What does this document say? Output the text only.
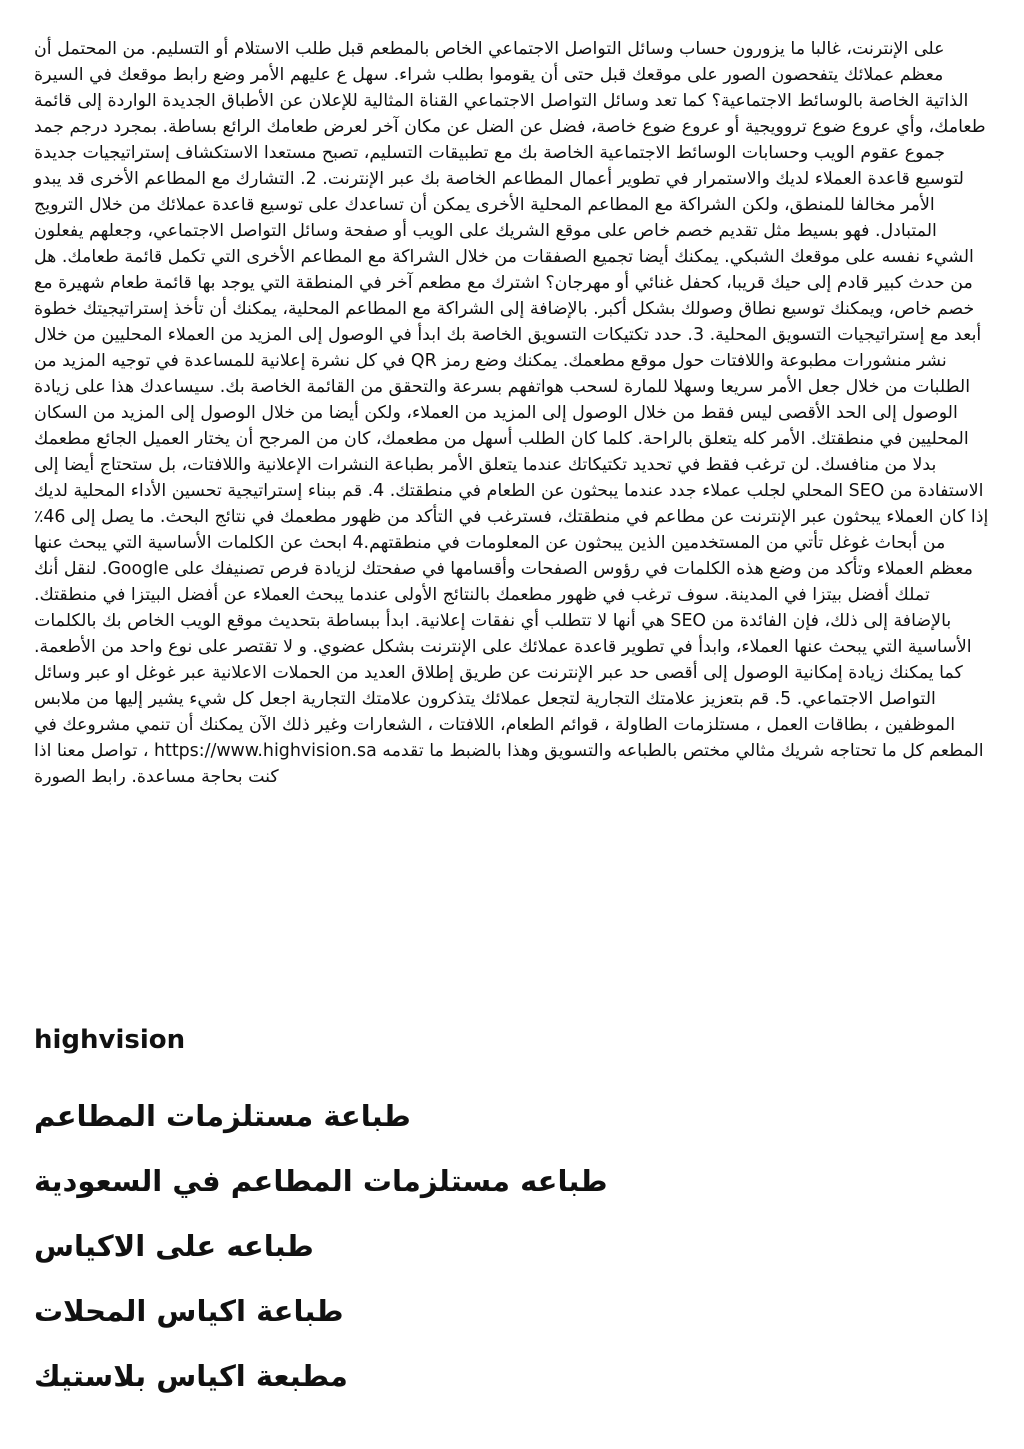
على الإنترنت، غالبا ما يزورون حساب وسائل التواصل الاجتماعي الخاص بالمطعم قبل طلب الاستلام أو التسليم. من المحتمل أن معظم عملائك يتفحصون الصور على موقعك قبل حتى أن يقوموا بطلب شراء. سهل ع عليهم الأمر وضع رابط موقعك في السيرة الذاتية الخاصة بالوسائط الاجتماعية؟ كما تعد وسائل التواصل الاجتماعي القناة المثالية للإعلان عن الأطباق الجديدة الواردة إلى قائمة طعامك، وأي عروع ضوع تروويجية أو عروع ضوع خاصة، فضل عن الضل عن مكان آخر لعرض طعامك الرائع بساطة. بمجرد درجم جمد جموع عقوم الويب وحسابات الوسائط الاجتماعية الخاصة بك مع تطبيقات التسليم، تصبح مستعدا الاستكشاف إستراتيجيات جديدة لتوسيع قاعدة العملاء لديك والاستمرار في تطوير أعمال المطاعم الخاصة بك عبر الإنترنت. 2. التشارك مع المطاعم الأخرى قد يبدو الأمر مخالفا للمنطق، ولكن الشراكة مع المطاعم المحلية الأخرى يمكن أن تساعدك على توسيع قاعدة عملائك من خلال الترويج المتبادل. فهو بسيط مثل تقديم خصم خاص على موقع الشريك على الويب أو صفحة وسائل التواصل الاجتماعي، وجعلهم يفعلون الشيء نفسه على موقعك الشبكي. يمكنك أيضا تجميع الصفقات من خلال الشراكة مع المطاعم الأخرى التي تكمل قائمة طعامك. هل من حدث كبير قادم إلى حيك قريبا، كحفل غنائي أو مهرجان؟ اشترك مع مطعم آخر في المنطقة التي يوجد بها قائمة طعام شهيرة مع خصم خاص، ويمكنك توسيع نطاق وصولك بشكل أكبر. بالإضافة إلى الشراكة مع المطاعم المحلية، يمكنك أن تأخذ إستراتيجيتك خطوة أبعد مع إستراتيجيات التسويق المحلية. 3. حدد تكتيكات التسويق الخاصة بك ابدأ في الوصول إلى المزيد من العملاء المحليين من خلال نشر منشورات مطبوعة واللافتات حول موقع مطعمك. يمكنك وضع رمز QR في كل نشرة إعلانية للمساعدة في توجيه المزيد من الطلبات من خلال جعل الأمر سريعا وسهلا للمارة لسحب هواتفهم بسرعة والتحقق من القائمة الخاصة بك. سيساعدك هذا على زيادة الوصول إلى الحد الأقصى ليس فقط من خلال الوصول إلى المزيد من العملاء، ولكن أيضا من خلال الوصول إلى المزيد من السكان المحليين في منطقتك. الأمر كله يتعلق بالراحة. كلما كان الطلب أسهل من مطعمك، كان من المرجح أن يختار العميل الجائع مطعمك بدلا من منافسك. لن ترغب فقط في تحديد تكتيكاتك عندما يتعلق الأمر بطباعة النشرات الإعلانية واللافتات، بل ستحتاج أيضا إلى الاستفادة من SEO المحلي لجلب عملاء جدد عندما يبحثون عن الطعام في منطقتك. 4. قم ببناء إستراتيجية تحسين الأداء المحلية لديك إذا كان العملاء يبحثون عبر الإنترنت عن مطاعم في منطقتك، فسترغب في التأكد من ظهور مطعمك في نتائج البحث. ما يصل إلى 46٪ من أبحاث غوغل تأتي من المستخدمين الذين يبحثون عن المعلومات في منطقتهم.4 ابحث عن الكلمات الأساسية التي يبحث عنها معظم العملاء وتأكد من وضع هذه الكلمات في رؤوس الصفحات وأقسامها في صفحتك لزيادة فرص تصنيفك على Google. لنقل أنك تملك أفضل بيتزا في المدينة. سوف ترغب في ظهور مطعمك بالنتائج الأولى عندما يبحث العملاء عن أفضل البيتزا في منطقتك. بالإضافة إلى ذلك، فإن الفائدة من SEO هي أنها لا تتطلب أي نفقات إعلانية. ابدأ ببساطة بتحديث موقع الويب الخاص بك بالكلمات الأساسية التي يبحث عنها العملاء، وابدأ في تطوير قاعدة عملائك على الإنترنت بشكل عضوي. و لا تقتصر على نوع واحد من الأطعمة. كما يمكنك زيادة إمكانية الوصول إلى أقصى حد عبر الإنترنت عن طريق إطلاق العديد من الحملات الاعلانية عبر غوغل او عبر وسائل التواصل الاجتماعي. 5. قم بتعزيز علامتك التجارية لتجعل عملائك يتذكرون علامتك التجارية اجعل كل شيء يشير إليها من ملابس الموظفين ، بطاقات العمل ، مستلزمات الطاولة ، قوائم الطعام، اللافتات ، الشعارات وغير ذلك الآن يمكنك أن تنمي مشروعك في المطعم كل ما تحتاجه شريك مثالي مختص بالطباعه والتسويق وهذا بالضبط ما تقدمه https://www.highvision.sa ، تواصل معنا اذا كنت بحاجة مساعدة. رابط الصورة

highvision
طباعة مستلزمات المطاعم
طباعه مستلزمات المطاعم في السعودية
طباعه على الاكياس
طباعة اكياس المحلات
مطبعة اكياس بلاستيك
